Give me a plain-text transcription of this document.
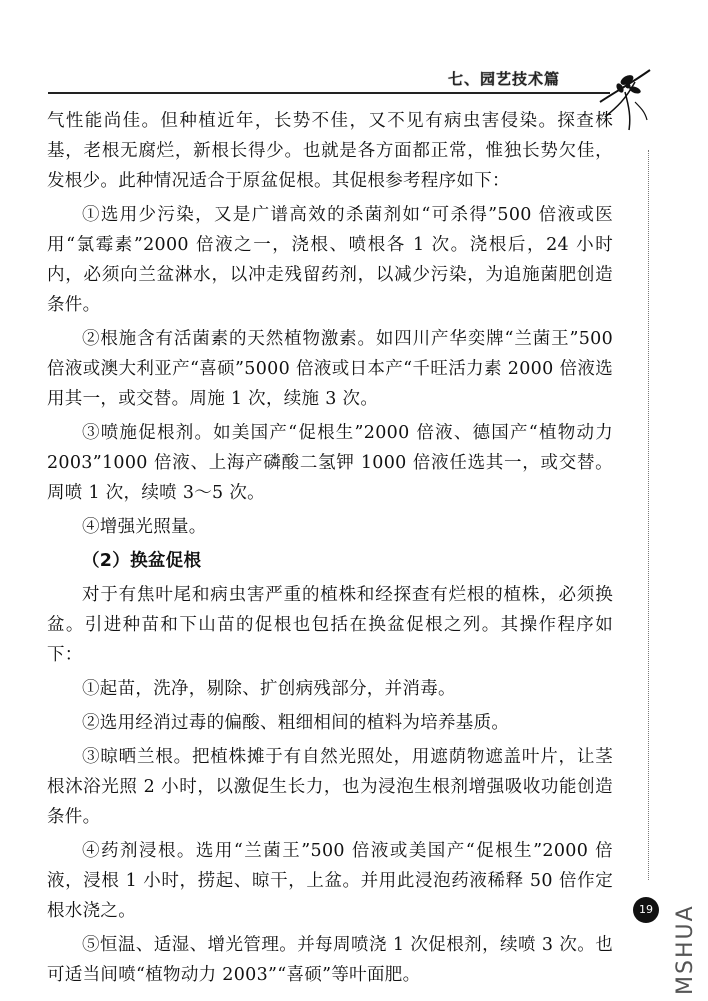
七、园艺技术篇

气性能尚佳。但种植近年，长势不佳，又不见有病虫害侵染。探查株基，老根无腐烂，新根长得少。也就是各方面都正常，惟独长势欠佳，发根少。此种情况适合于原盆促根。其促根参考程序如下：

①选用少污染，又是广谱高效的杀菌剂如“可杀得”500 倍液或医用“氯霉素”2000 倍液之一，浇根、喷根各 1 次。浇根后，24 小时内，必须向兰盆淋水，以冲走残留药剂，以减少污染，为追施菌肥创造条件。

②根施含有活菌素的天然植物激素。如四川产华奕牌“兰菌王”500 倍液或澳大利亚产“喜硕”5000 倍液或日本产“千旺活力素 2000 倍液选用其一，或交替。周施 1 次，续施 3 次。

③喷施促根剂。如美国产“促根生”2000 倍液、德国产“植物动力 2003”1000 倍液、上海产磷酸二氢钾 1000 倍液任选其一，或交替。周喷 1 次，续喷 3～5 次。

④增强光照量。

（2）换盆促根

对于有焦叶尾和病虫害严重的植株和经探查有烂根的植株，必须换盆。引进种苗和下山苗的促根也包括在换盆促根之列。其操作程序如下：

①起苗，洗净，剔除、扩创病残部分，并消毒。

②选用经消过毒的偏酸、粗细相间的植料为培养基质。

③晾晒兰根。把植株摊于有自然光照处，用遮荫物遮盖叶片，让茎根沐浴光照 2 小时，以激促生长力，也为浸泡生根剂增强吸收功能创造条件。

④药剂浸根。选用“兰菌王”500 倍液或美国产“促根生”2000 倍液，浸根 1 小时，捞起、晾干，上盆。并用此浸泡药液稀释 50 倍作定根水浇之。

⑤恒温、适湿、增光管理。并每周喷浇 1 次促根剂，续喷 3 次。也可适当间喷“植物动力 2003”“喜硕”等叶面肥。

19 MSHUA
